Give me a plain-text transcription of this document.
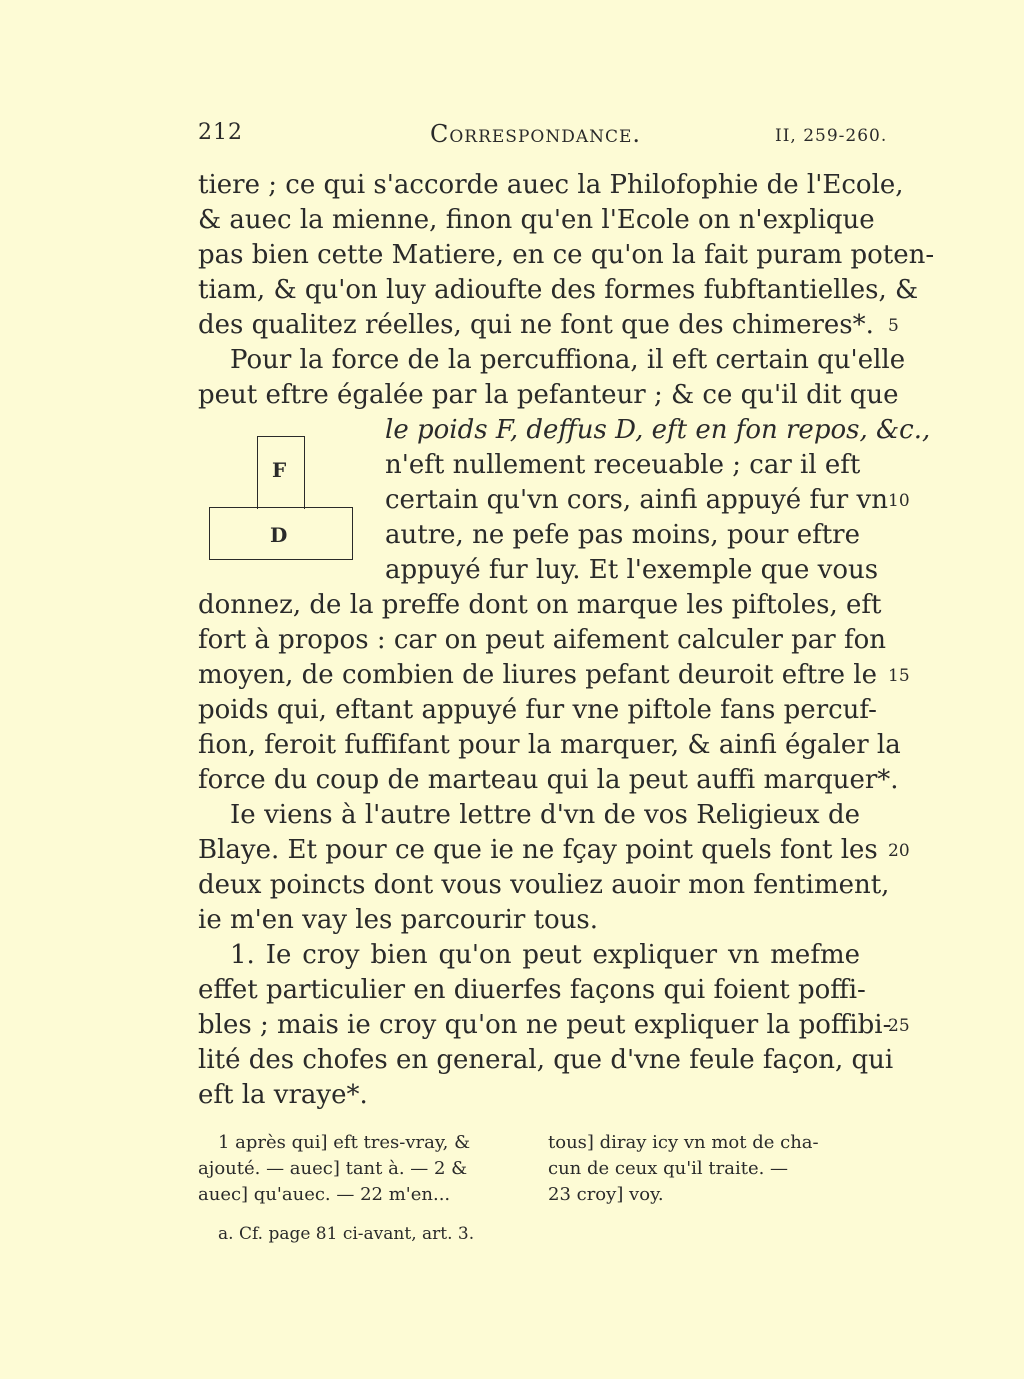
212	Correspondance.	II, 259-260.
tiere ; ce qui s'accorde auec la Philofophie de l'Ecole,
& auec la mienne, finon qu'en l'Ecole on n'explique
pas bien cette Matiere, en ce qu'on la fait puram poten-
tiam, & qu'on luy adioufte des formes fubftantielles, &
des qualitez réelles, qui ne font que des chimeres*. 5
Pour la force de la percuffiona, il eft certain qu'elle
peut eftre égalée par la pefanteur ; & ce qu'il dit que
F
D
le poids F, deffus D, eft en fon repos, &c.,
n'eft nullement receuable ; car il eft
certain qu'vn cors, ainfi appuyé fur vn 10
autre, ne pefe pas moins, pour eftre
appuyé fur luy. Et l'exemple que vous
donnez, de la preffe dont on marque les piftoles, eft
fort à propos : car on peut aifement calculer par fon
moyen, de combien de liures pefant deuroit eftre le 15
poids qui, eftant appuyé fur vne piftole fans percuf-
fion, feroit fuffifant pour la marquer, & ainfi égaler la
force du coup de marteau qui la peut auffi marquer*.
Ie viens à l'autre lettre d'vn de vos Religieux de
Blaye. Et pour ce que ie ne fçay point quels font les 20
deux poincts dont vous vouliez auoir mon fentiment,
ie m'en vay les parcourir tous.
1. Ie croy bien qu'on peut expliquer vn mefme
effet particulier en diuerfes façons qui foient poffi-
bles ; mais ie croy qu'on ne peut expliquer la poffibi-
25
lité des chofes en general, que d'vne feule façon, qui
eft la vraye*.
1 après qui] eft tres-vray, &
ajouté. — auec] tant à. — 2 &
auec] qu'auec. — 22 m'en...
tous] diray icy vn mot de cha-
cun de ceux qu'il traite. —
23 croy] voy.
a. Cf. page 81 ci-avant, art. 3.
